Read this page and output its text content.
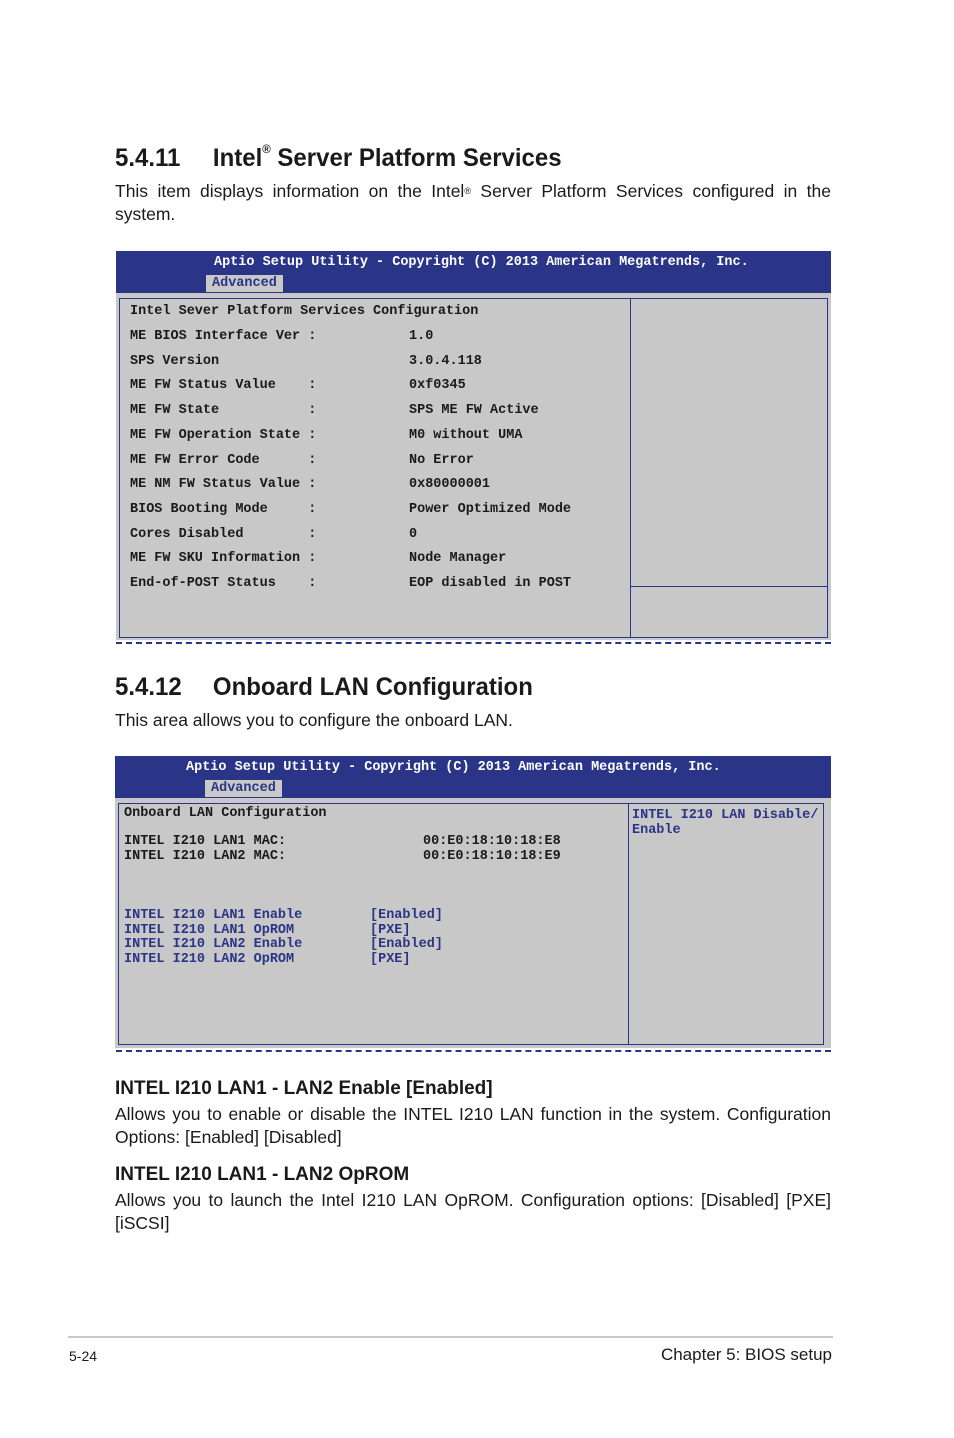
5.4.11 Intel® Server Platform Services
This item displays information on the Intel® Server Platform Services configured in the system.
Aptio Setup Utility - Copyright (C) 2013 American Megatrends, Inc.
Advanced
Intel Sever Platform Services Configuration
ME BIOS Interface Ver :	1.0
SPS Version	3.0.4.118
ME FW Status Value    :	0xf0345
ME FW State           :	SPS ME FW Active
ME FW Operation State :	M0 without UMA
ME FW Error Code      :	No Error
ME NM FW Status Value :	0x80000001
BIOS Booting Mode     :	Power Optimized Mode
Cores Disabled        :	0
ME FW SKU Information :	Node Manager
End-of-POST Status    :	EOP disabled in POST
5.4.12 Onboard LAN Configuration
This area allows you to configure the onboard LAN.
Aptio Setup Utility - Copyright (C) 2013 American Megatrends, Inc.
Advanced
Onboard LAN Configuration
INTEL I210 LAN1 MAC:	00:E0:18:10:18:E8
INTEL I210 LAN2 MAC:	00:E0:18:10:18:E9
INTEL I210 LAN1 Enable	[Enabled]
INTEL I210 LAN1 OpROM	[PXE]
INTEL I210 LAN2 Enable	[Enabled]
INTEL I210 LAN2 OpROM	[PXE]
INTEL I210 LAN Disable/
Enable
INTEL I210 LAN1 - LAN2 Enable [Enabled]
Allows you to enable or disable the INTEL I210 LAN function in the system. Configuration Options: [Enabled] [Disabled]
INTEL I210 LAN1 - LAN2 OpROM
Allows you to launch the Intel I210 LAN OpROM. Configuration options: [Disabled] [PXE] [iSCSI]
5-24	Chapter 5: BIOS setup
